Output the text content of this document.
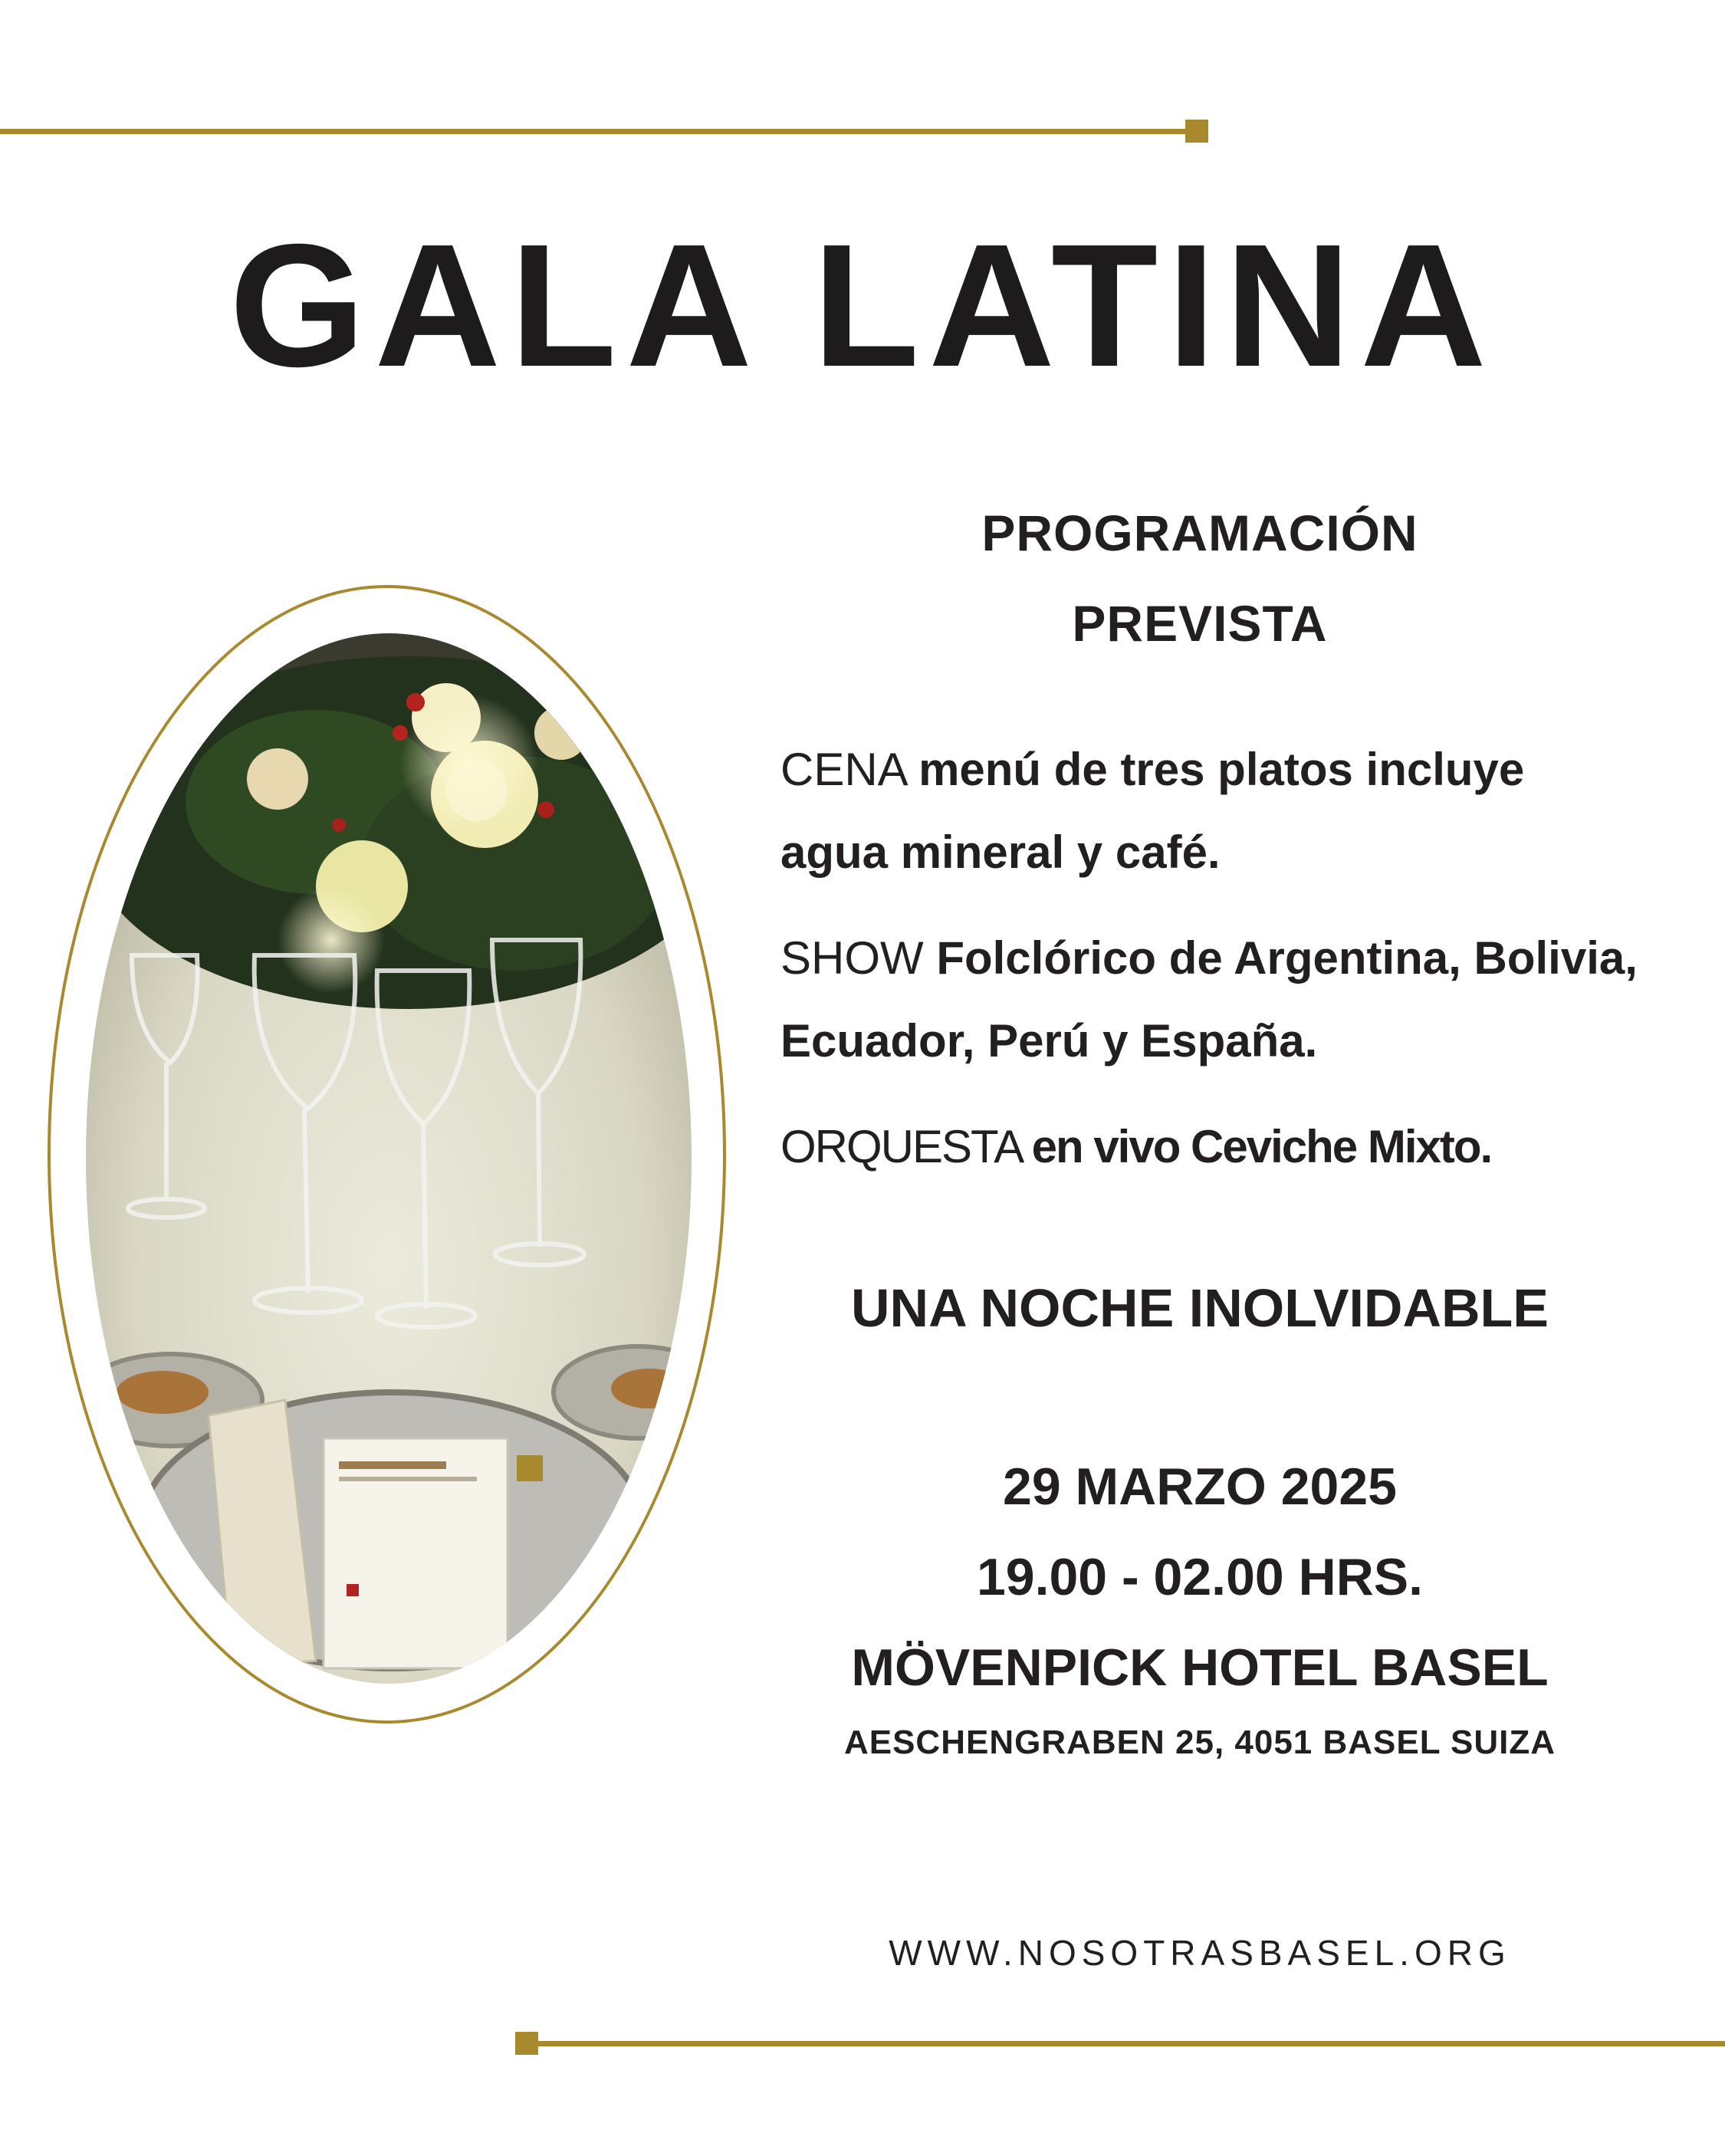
GALA LATINA
PROGRAMACIÓN
PREVISTA
CENA menú de tres platos incluye agua mineral y café.
SHOW Folclórico de Argentina, Bolivia, Ecuador, Perú y España.
ORQUESTA en vivo Ceviche Mixto.
UNA NOCHE INOLVIDABLE
29 MARZO 2025
19.00 - 02.00 HRS.
MÖVENPICK HOTEL BASEL
AESCHENGRABEN 25, 4051 BASEL SUIZA
WWW.NOSOTRASBASEL.ORG
